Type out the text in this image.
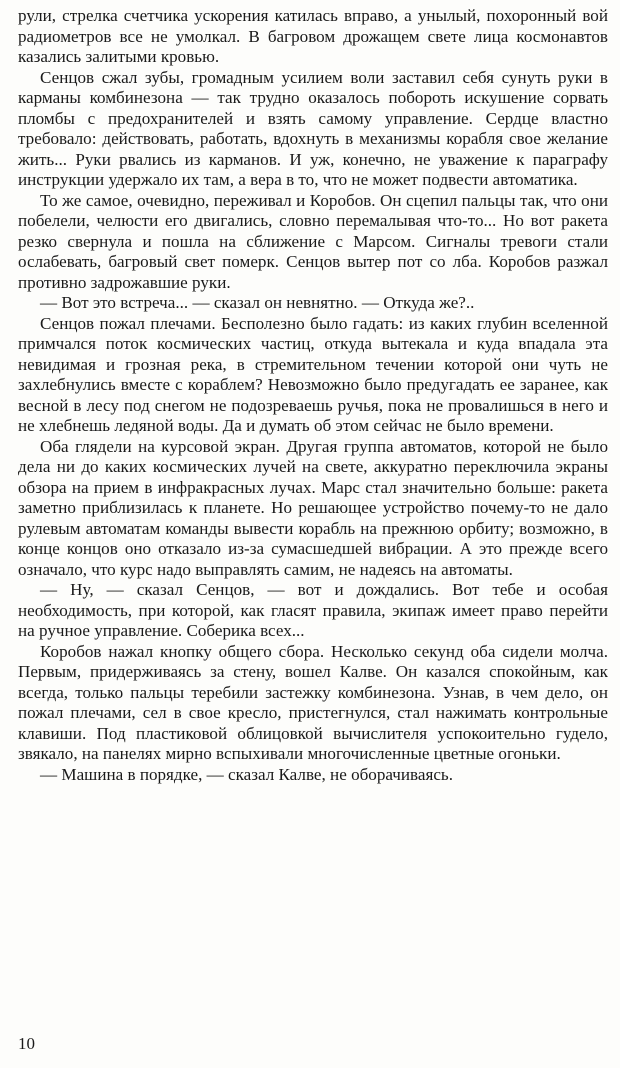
рули, стрелка счетчика ускорения катилась вправо, а унылый, похоронный вой радиометров все не умолкал. В багровом дрожащем свете лица космонавтов казались залитыми кровью.

Сенцов сжал зубы, громадным усилием воли заставил себя сунуть руки в карманы комбинезона — так трудно оказалось побороть искушение сорвать пломбы с предохранителей и взять самому управление. Сердце властно требовало: действовать, работать, вдохнуть в механизмы корабля свое желание жить... Руки рвались из карманов. И уж, конечно, не уважение к параграфу инструкции удержало их там, а вера в то, что не может подвести автоматика.

То же самое, очевидно, переживал и Коробов. Он сцепил пальцы так, что они побелели, челюсти его двигались, словно перемалывая что-то... Но вот ракета резко свернула и пошла на сближение с Марсом. Сигналы тревоги стали ослабевать, багровый свет померк. Сенцов вытер пот со лба. Коробов разжал противно задрожавшие руки.

— Вот это встреча... — сказал он невнятно. — Откуда же?..

Сенцов пожал плечами. Бесполезно было гадать: из каких глубин вселенной примчался поток космических частиц, откуда вытекала и куда впадала эта невидимая и грозная река, в стремительном течении которой они чуть не захлебнулись вместе с кораблем? Невозможно было предугадать ее заранее, как весной в лесу под снегом не подозреваешь ручья, пока не провалишься в него и не хлебнешь ледяной воды. Да и думать об этом сейчас не было времени.

Оба глядели на курсовой экран. Другая группа автоматов, которой не было дела ни до каких космических лучей на свете, аккуратно переключила экраны обзора на прием в инфракрасных лучах. Марс стал значительно больше: ракета заметно приблизилась к планете. Но решающее устройство почему-то не дало рулевым автоматам команды вывести корабль на прежнюю орбиту; возможно, в конце концов оно отказало из-за сумасшедшей вибрации. А это прежде всего означало, что курс надо выправлять самим, не надеясь на автоматы.

— Ну, — сказал Сенцов, — вот и дождались. Вот тебе и особая необходимость, при которой, как гласят правила, экипаж имеет право перейти на ручное управление. Соберика всех...

Коробов нажал кнопку общего сбора. Несколько секунд оба сидели молча. Первым, придерживаясь за стену, вошел Калве. Он казался спокойным, как всегда, только пальцы теребили застежку комбинезона. Узнав, в чем дело, он пожал плечами, сел в свое кресло, пристегнулся, стал нажимать контрольные клавиши. Под пластиковой облицовкой вычислителя успокоительно гудело, звякало, на панелях мирно вспыхивали многочисленные цветные огоньки.

— Машина в порядке, — сказал Калве, не оборачиваясь.

10
